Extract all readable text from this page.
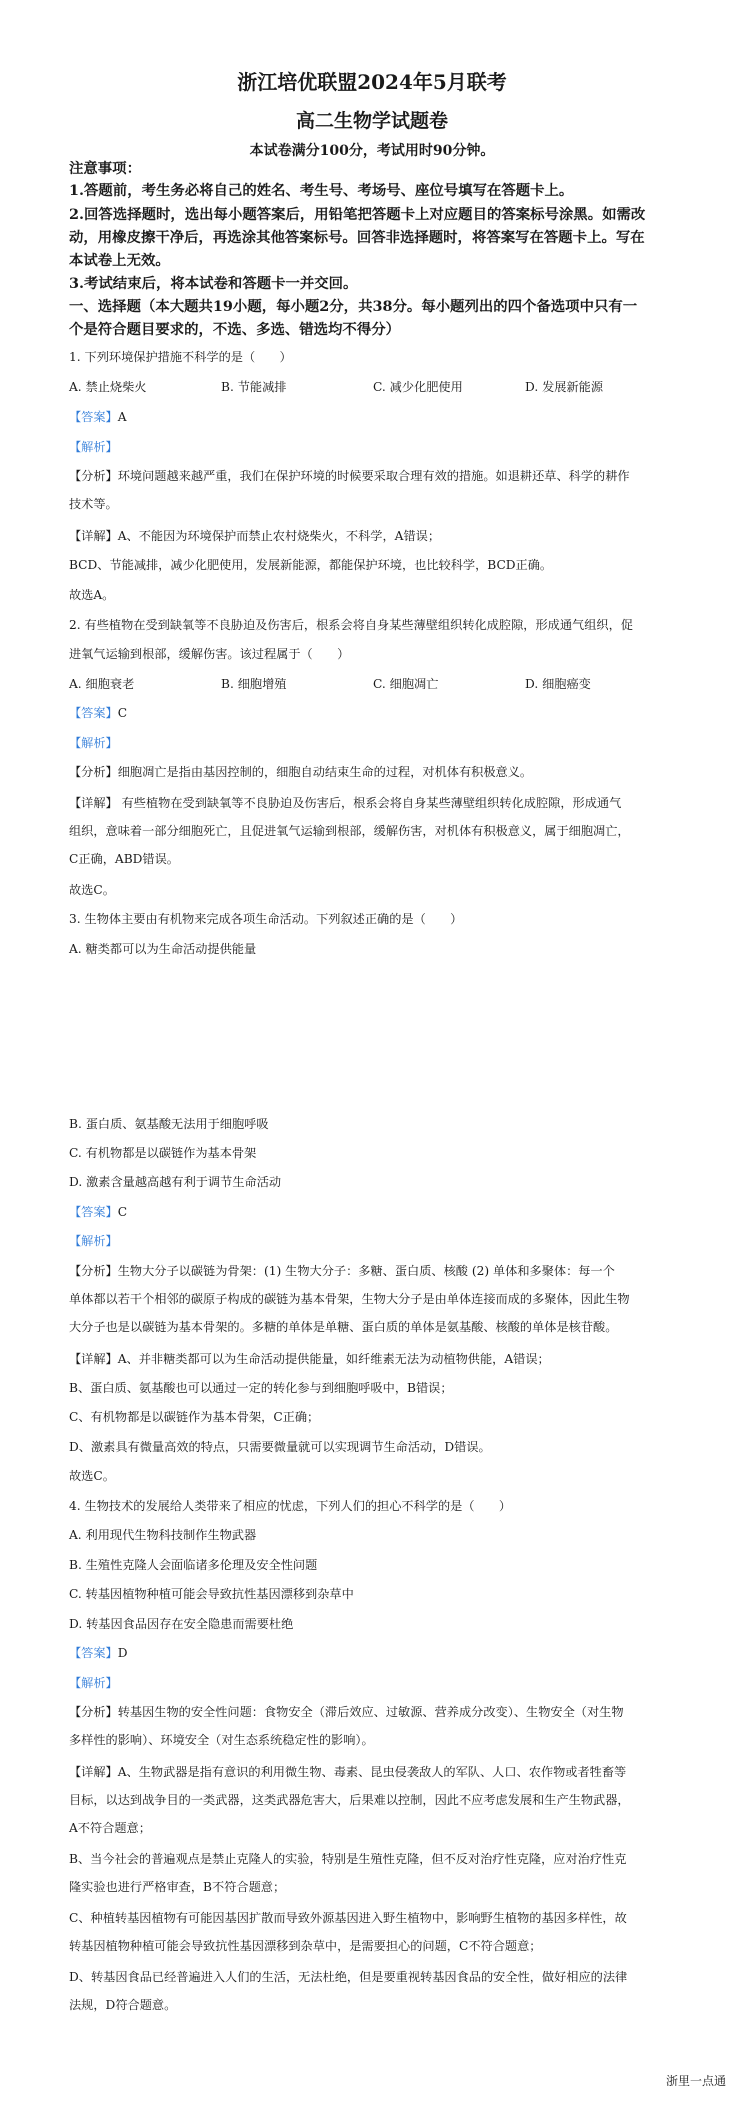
浙江培优联盟2024年5月联考
高二生物学试题卷
本试卷满分100分，考试用时90分钟。
注意事项：
1.答题前，考生务必将自己的姓名、考生号、考场号、座位号填写在答题卡上。
2.回答选择题时，选出每小题答案后，用铅笔把答题卡上对应题目的答案标号涂黑。如需改
动，用橡皮擦干净后，再选涂其他答案标号。回答非选择题时，将答案写在答题卡上。写在
本试卷上无效。
3.考试结束后，将本试卷和答题卡一并交回。
一、选择题（本大题共19小题，每小题2分，共38分。每小题列出的四个备选项中只有一
个是符合题目要求的，不选、多选、错选均不得分）
1. 下列环境保护措施不科学的是（　　）
A. 禁止烧柴火	B. 节能减排	C. 减少化肥使用	D. 发展新能源
【答案】A
【解析】
【分析】环境问题越来越严重，我们在保护环境的时候要采取合理有效的措施。如退耕还草、科学的耕作
技术等。
【详解】A、不能因为环境保护而禁止农村烧柴火，不科学，A错误；
BCD、节能减排，减少化肥使用，发展新能源，都能保护环境，也比较科学，BCD正确。
故选A。
2. 有些植物在受到缺氧等不良胁迫及伤害后，根系会将自身某些薄壁组织转化成腔隙，形成通气组织，促
进氧气运输到根部，缓解伤害。该过程属于（　　）
A. 细胞衰老	B. 细胞增殖	C. 细胞凋亡	D. 细胞癌变
【答案】C
【解析】
【分析】细胞凋亡是指由基因控制的，细胞自动结束生命的过程，对机体有积极意义。
【详解】 有些植物在受到缺氧等不良胁迫及伤害后，根系会将自身某些薄壁组织转化成腔隙，形成通气
组织，意味着一部分细胞死亡，且促进氧气运输到根部，缓解伤害，对机体有积极意义，属于细胞凋亡，
C正确，ABD错误。
故选C。
3. 生物体主要由有机物来完成各项生命活动。下列叙述正确的是（　　）
A. 糖类都可以为生命活动提供能量
B. 蛋白质、氨基酸无法用于细胞呼吸
C. 有机物都是以碳链作为基本骨架
D. 激素含量越高越有利于调节生命活动
【答案】C
【解析】
【分析】生物大分子以碳链为骨架：(1) 生物大分子：多糖、蛋白质、核酸 (2) 单体和多聚体：每一个
单体都以若干个相邻的碳原子构成的碳链为基本骨架，生物大分子是由单体连接而成的多聚体，因此生物
大分子也是以碳链为基本骨架的。多糖的单体是单糖、蛋白质的单体是氨基酸、核酸的单体是核苷酸。
【详解】A、并非糖类都可以为生命活动提供能量，如纤维素无法为动植物供能，A错误；
B、蛋白质、氨基酸也可以通过一定的转化参与到细胞呼吸中，B错误；
C、有机物都是以碳链作为基本骨架，C正确；
D、激素具有微量高效的特点，只需要微量就可以实现调节生命活动，D错误。
故选C。
4. 生物技术的发展给人类带来了相应的忧虑，下列人们的担心不科学的是（　　）
A. 利用现代生物科技制作生物武器
B. 生殖性克隆人会面临诸多伦理及安全性问题
C. 转基因植物种植可能会导致抗性基因漂移到杂草中
D. 转基因食品因存在安全隐患而需要杜绝
【答案】D
【解析】
【分析】转基因生物的安全性问题：食物安全（滞后效应、过敏源、营养成分改变）、生物安全（对生物
多样性的影响）、环境安全（对生态系统稳定性的影响）。
【详解】A、生物武器是指有意识的利用微生物、毒素、昆虫侵袭敌人的军队、人口、农作物或者牲畜等
目标，以达到战争目的一类武器，这类武器危害大，后果难以控制，因此不应考虑发展和生产生物武器，
A不符合题意；
B、当今社会的普遍观点是禁止克隆人的实验，特别是生殖性克隆，但不反对治疗性克隆，应对治疗性克
隆实验也进行严格审查，B不符合题意；
C、种植转基因植物有可能因基因扩散而导致外源基因进入野生植物中，影响野生植物的基因多样性，故
转基因植物种植可能会导致抗性基因漂移到杂草中，是需要担心的问题，C不符合题意；
D、转基因食品已经普遍进入人们的生活，无法杜绝，但是要重视转基因食品的安全性，做好相应的法律
法规，D符合题意。
浙里一点通
